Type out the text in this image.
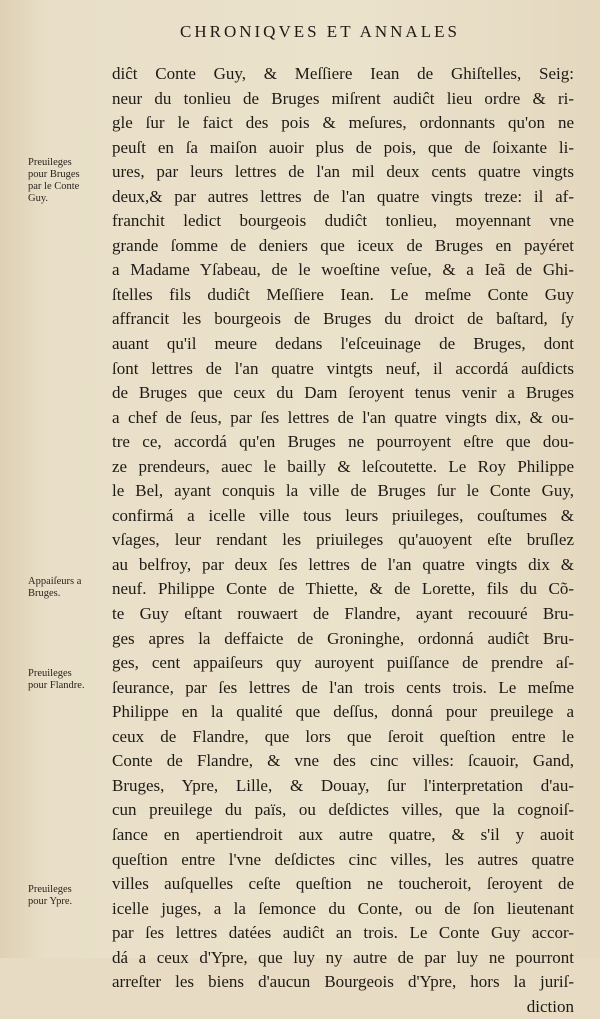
CHRONIQVES ET ANNALES
diĉt Conte Guy, & Meſſiere Iean de Ghiſtelles, Seig:
neur du tonlieu de Bruges miſrent audiĉt lieu ordre & ri-
gle ſur le faict des pois & meſures, ordonnants qu'on ne
peuſt en ſa maiſon auoir plus de pois, que de ſoixante li-
ures, par leurs lettres de l'an mil deux cents quatre vingts
deux,& par autres lettres de l'an quatre vingts treze: il af-
franchit ledict bourgeois dudiĉt tonlieu, moyennant vne
grande ſomme de deniers que iceux de Bruges en payéret
a Madame Yſabeau, de le woeſtine veſue, & a Ieã de Ghi-
ſtelles fils dudiĉt Meſſiere Iean. Le meſme Conte Guy
affrancit les bourgeois de Bruges du droict de baſtard, ſy
auant qu'il meure dedans l'eſceuinage de Bruges, dont
ſont lettres de l'an quatre vintgts neuf, il accordá auſdicts
de Bruges que ceux du Dam ſeroyent tenus venir a Bruges
a chef de ſeus, par ſes lettres de l'an quatre vingts dix, & ou-
tre ce, accordá qu'en Bruges ne pourroyent eſtre que dou-
ze prendeurs, auec le bailly & leſcoutette. Le Roy Philippe
le Bel, ayant conquis la ville de Bruges ſur le Conte Guy,
confirmá a icelle ville tous leurs priuileges, couſtumes &
vſages, leur rendant les priuileges qu'auoyent eſte bruſlez
au belfroy, par deux ſes lettres de l'an quatre vingts dix &
neuf. Philippe Conte de Thiette, & de Lorette, fils du Cõ-
te Guy eſtant rouwaert de Flandre, ayant recouuré Bru-
ges apres la deffaicte de Groninghe, ordonná audiĉt Bru-
ges, cent appaiſeurs quy auroyent puiſſance de prendre aſ-
ſeurance, par ſes lettres de l'an trois cents trois. Le meſme
Philippe en la qualité que deſſus, donná pour preuilege a
ceux de Flandre, que lors que ſeroit queſtion entre le
Conte de Flandre, & vne des cinc villes: ſcauoir, Gand,
Bruges, Ypre, Lille, & Douay, ſur l'interpretation d'au-
cun preuilege du païs, ou deſdictes villes, que la cognoiſ-
ſance en apertiendroit aux autre quatre, & s'il y auoit
queſtion entre l'vne deſdictes cinc villes, les autres quatre
villes auſquelles ceſte queſtion ne toucheroit, ſeroyent de
icelle juges, a la ſemonce du Conte, ou de ſon lieutenant
par ſes lettres datées audiĉt an trois. Le Conte Guy accor-
dá a ceux d'Ypre, que luy ny autre de par luy ne pourront
arreſter les biens d'aucun Bourgeois d'Ypre, hors la juriſ-
diction
Preuileges
pour Bruges
par le Conte
Guy.
Appaiſeurs a
Bruges.
Preuileges
pour Flandre.
Preuileges
pour Ypre.
